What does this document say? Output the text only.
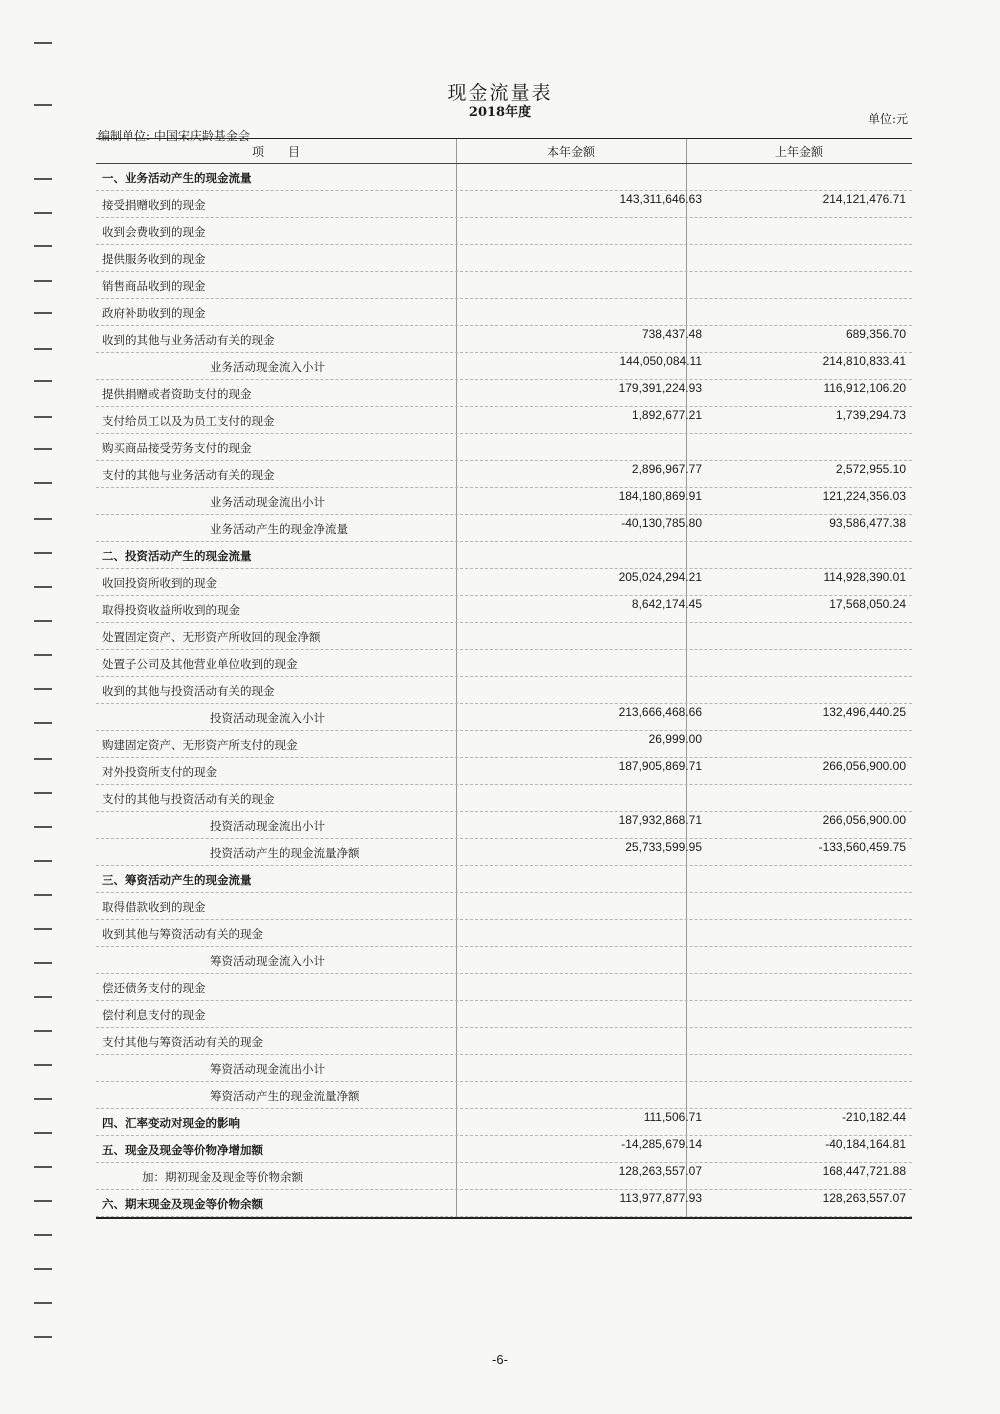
现金流量表
2018年度	单位:元
编制单位: 中国宋庆龄基金会
项　　目	本年金额	上年金额
一、业务活动产生的现金流量
接受捐赠收到的现金	143,311,646.63	214,121,476.71
收到会费收到的现金
提供服务收到的现金
销售商品收到的现金
政府补助收到的现金
收到的其他与业务活动有关的现金	738,437.48	689,356.70
业务活动现金流入小计	144,050,084.11	214,810,833.41
提供捐赠或者资助支付的现金	179,391,224.93	116,912,106.20
支付给员工以及为员工支付的现金	1,892,677.21	1,739,294.73
购买商品接受劳务支付的现金
支付的其他与业务活动有关的现金	2,896,967.77	2,572,955.10
业务活动现金流出小计	184,180,869.91	121,224,356.03
业务活动产生的现金净流量	-40,130,785.80	93,586,477.38
二、投资活动产生的现金流量
收回投资所收到的现金	205,024,294.21	114,928,390.01
取得投资收益所收到的现金	8,642,174.45	17,568,050.24
处置固定资产、无形资产所收回的现金净额
处置子公司及其他营业单位收到的现金
收到的其他与投资活动有关的现金
投资活动现金流入小计	213,666,468.66	132,496,440.25
购建固定资产、无形资产所支付的现金	26,999.00
对外投资所支付的现金	187,905,869.71	266,056,900.00
支付的其他与投资活动有关的现金
投资活动现金流出小计	187,932,868.71	266,056,900.00
投资活动产生的现金流量净额	25,733,599.95	-133,560,459.75
三、筹资活动产生的现金流量
取得借款收到的现金
收到其他与筹资活动有关的现金
筹资活动现金流入小计
偿还债务支付的现金
偿付利息支付的现金
支付其他与筹资活动有关的现金
筹资活动现金流出小计
筹资活动产生的现金流量净额
四、汇率变动对现金的影响	111,506.71	-210,182.44
五、现金及现金等价物净增加额	-14,285,679.14	-40,184,164.81
加：期初现金及现金等价物余额	128,263,557.07	168,447,721.88
六、期末现金及现金等价物余额	113,977,877.93	128,263,557.07
-6-
